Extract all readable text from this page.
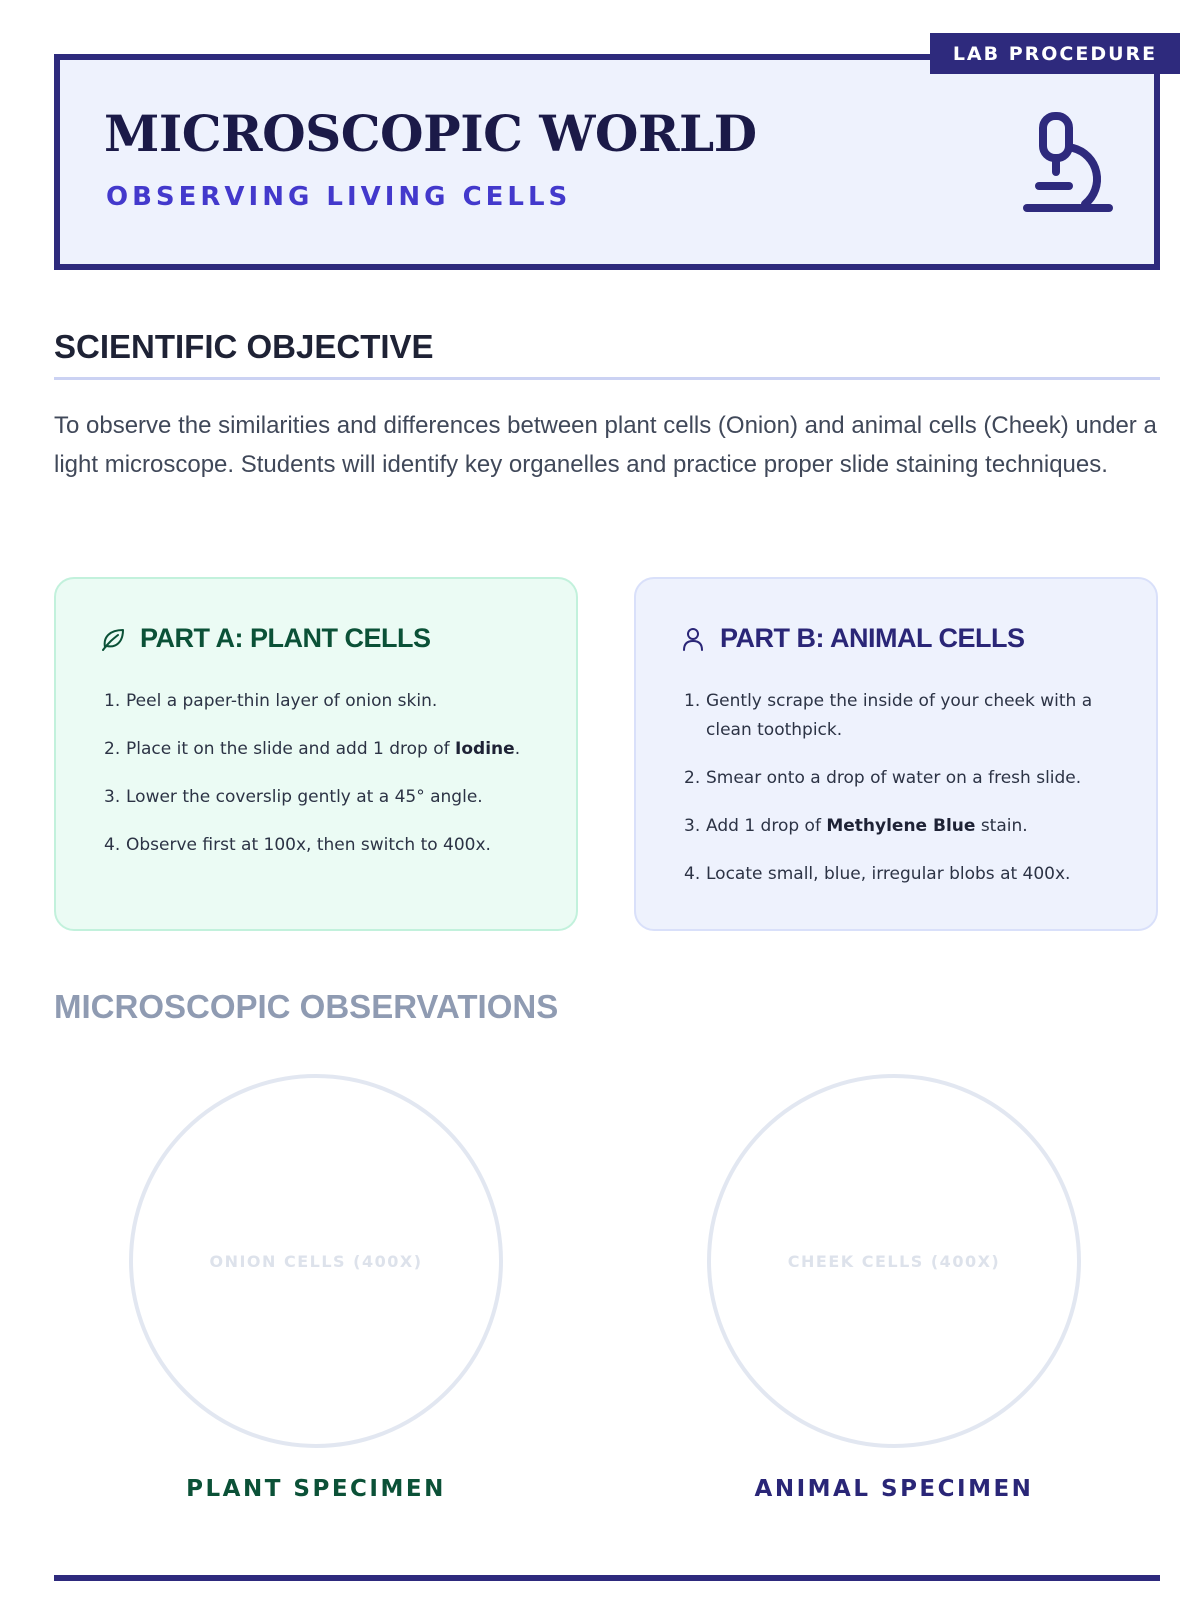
MICROSCOPIC WORLD
OBSERVING LIVING CELLS
LAB PROCEDURE
SCIENTIFIC OBJECTIVE

To observe the similarities and differences between plant cells (Onion) and animal cells (Cheek) under a light microscope. Students will identify key organelles and practice proper slide staining techniques.

PART A: PLANT CELLS
1. Peel a paper-thin layer of onion skin.
2. Place it on the slide and add 1 drop of Iodine.
3. Lower the coverslip gently at a 45° angle.
4. Observe first at 100x, then switch to 400x.
PART B: ANIMAL CELLS
1. Gently scrape the inside of your cheek with a clean toothpick.
2. Smear onto a drop of water on a fresh slide.
3. Add 1 drop of Methylene Blue stain.
4. Locate small, blue, irregular blobs at 400x.
MICROSCOPIC OBSERVATIONS
ONION CELLS (400X)
PLANT SPECIMEN
CHEEK CELLS (400X)
ANIMAL SPECIMEN
